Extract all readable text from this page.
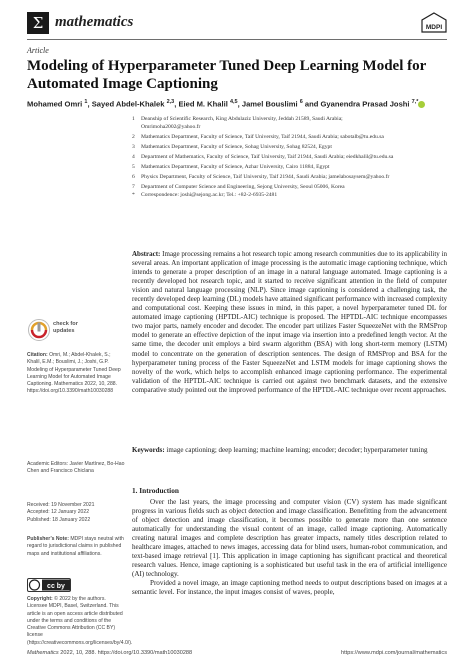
Σ mathematics	MDPI
Article
Modeling of Hyperparameter Tuned Deep Learning Model for Automated Image Captioning
Mohamed Omri $^1$, Sayed Abdel-Khalek $^{2,3}$, Eied M. Khalil $^{4,5}$, Jamel Bouslimi $^6$ and Gyanendra Prasad Joshi $^{7,*}$
1	Deanship of Scientific Research, King Abdulaziz University, Jeddah 21589, Saudi Arabia;
Omrimoha2002@yahoo.fr
2	Mathematics Department, Faculty of Science, Taif University, Taif 21944, Saudi Arabia; sabotalb@tu.edu.sa
3	Mathematics Department, Faculty of Science, Sohag University, Sohag 82524, Egypt
4	Department of Mathematics, Faculty of Science, Taif University, Taif 21944, Saudi Arabia; eiedkhalil@tu.edu.sa
5	Mathematics Department, Faculty of Science, Azhar University, Cairo 11884, Egypt
6	Physics Department, Faculty of Science, Taif University, Taif 21944, Saudi Arabia; jamelabosaysem@yahoo.fr
7	Department of Computer Science and Engineering, Sejong University, Seoul 05006, Korea
*	Correspondence: joshi@sejong.ac.kr; Tel.: +82-2-6935-2481
Abstract: Image processing remains a hot research topic among research communities due to its applicability in several areas. An important application of image processing is the automatic image captioning technique, which intends to generate a proper description of an image in a natural language automated. Image captioning is a recently developed hot research topic, and it started to receive significant attention in the field of computer vision and natural language processing (NLP). Since image captioning is considered a challenging task, the recently developed deep learning (DL) models have attained significant performance with increased complexity and computational cost. Keeping these issues in mind, in this paper, a novel hyperparameter tuned DL for automated image captioning (HPTDL-AIC) technique is proposed. The HPTDL-AIC technique encompasses two major parts, namely encoder and decoder. The encoder part utilizes Faster SqueezeNet with the RMSProp model to generate an effective depiction of the input image via insertion into a predefined length vector. At the same time, the decoder unit employs a bird swarm algorithm (BSA) with long short-term memory (LSTM) model to concentrate on the generation of description sentences. The design of RMSProp and BSA for the hyperparameter tuning process of the Faster SqueezeNet and LSTM models for image captioning shows the novelty of the work, which helps to accomplish enhanced image captioning performance. The experimental validation of the HPTDL-AIC technique is carried out against two benchmark datasets, and the extensive comparative study pointed out the improved performance of the HPTDL-AIC technique over recent approaches.
Keywords: image captioning; deep learning; machine learning; encoder; decoder; hyperparameter tuning
check for
updates
Citation: Omri, M.; Abdel-Khalek, S.; Khalil, E.M.; Bouslimi, J.; Joshi, G.P. Modeling of Hyperparameter Tuned Deep Learning Model for Automated Image Captioning. Mathematics 2022, 10, 288. https://doi.org/10.3390/math10030288
Academic Editors: Javier Martínez, Bo-Hao Chen and Francisco Chiclana
Received: 19 November 2021
Accepted: 12 January 2022
Published: 18 January 2022
Publisher’s Note: MDPI stays neutral with regard to jurisdictional claims in published maps and institutional affiliations.
cc by
Copyright: © 2022 by the authors. Licensee MDPI, Basel, Switzerland. This article is an open access article distributed under the terms and conditions of the Creative Commons Attribution (CC BY) license (https://creativecommons.org/licenses/by/4.0/).
1. Introduction

Over the last years, the image processing and computer vision (CV) system has made significant progress in various fields such as object detection and image classification. Benefitting from the advancement of object detection and image classification, it becomes possible to generate more than one sentence automatically for understanding the visual content of an image, called image captioning. Automatically creating natural images and complete description has greater impacts, namely titles description related to healthcare images, attached to news images, accessing data for blind users, human-robot communication, and text-based image retrieval [1]. This application in image captioning has significant practical and theoretical research values. Hence, image captioning is a sophisticated but useful task in the era of artificial intelligence (AI) technology.

Provided a novel image, an image captioning method needs to output descriptions based on images at a semantic level. For instance, the input images consist of waves, people,

Mathematics 2022, 10, 288. https://doi.org/10.3390/math10030288	https://www.mdpi.com/journal/mathematics
